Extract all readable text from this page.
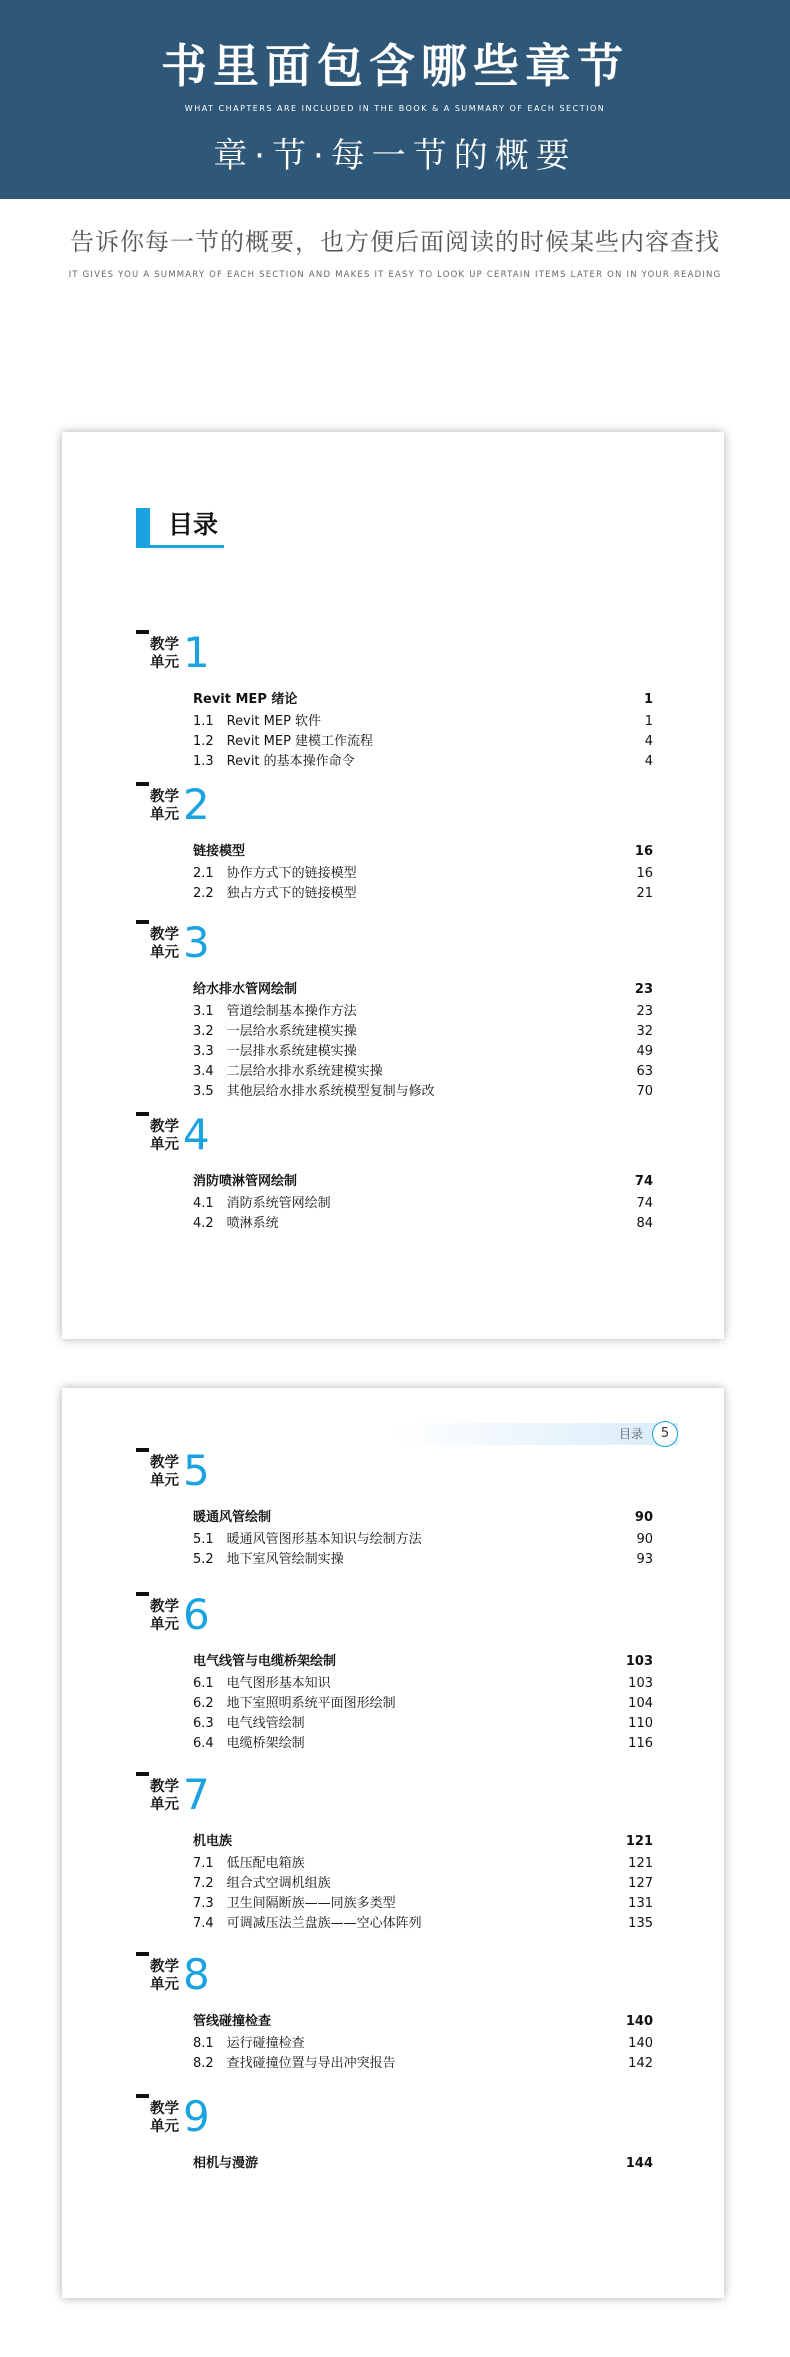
书里面包含哪些章节
WHAT CHAPTERS ARE INCLUDED IN THE BOOK & A SUMMARY OF EACH SECTION
章·节·每一节的概要
告诉你每一节的概要，也方便后面阅读的时候某些内容查找
IT GIVES YOU A SUMMARY OF EACH SECTION AND MAKES IT EASY TO LOOK UP CERTAIN ITEMS LATER ON IN YOUR READING
目录
教学
单元 1
Revit MEP 绪论	1
1.1　Revit MEP 软件	1
1.2　Revit MEP 建模工作流程	4
1.3　Revit 的基本操作命令	4
教学
单元 2
链接模型	16
2.1　协作方式下的链接模型	16
2.2　独占方式下的链接模型	21
教学
单元 3
给水排水管网绘制	23
3.1　管道绘制基本操作方法	23
3.2　一层给水系统建模实操	32
3.3　一层排水系统建模实操	49
3.4　二层给水排水系统建模实操	63
3.5　其他层给水排水系统模型复制与修改	70
教学
单元 4
消防喷淋管网绘制	74
4.1　消防系统管网绘制	74
4.2　喷淋系统	84
目录	5
教学
单元 5
暖通风管绘制	90
5.1　暖通风管图形基本知识与绘制方法	90
5.2　地下室风管绘制实操	93
教学
单元 6
电气线管与电缆桥架绘制	103
6.1　电气图形基本知识	103
6.2　地下室照明系统平面图形绘制	104
6.3　电气线管绘制	110
6.4　电缆桥架绘制	116
教学
单元 7
机电族	121
7.1　低压配电箱族	121
7.2　组合式空调机组族	127
7.3　卫生间隔断族——同族多类型	131
7.4　可调减压法兰盘族——空心体阵列	135
教学
单元 8
管线碰撞检查	140
8.1　运行碰撞检查	140
8.2　查找碰撞位置与导出冲突报告	142
教学
单元 9
相机与漫游	144
